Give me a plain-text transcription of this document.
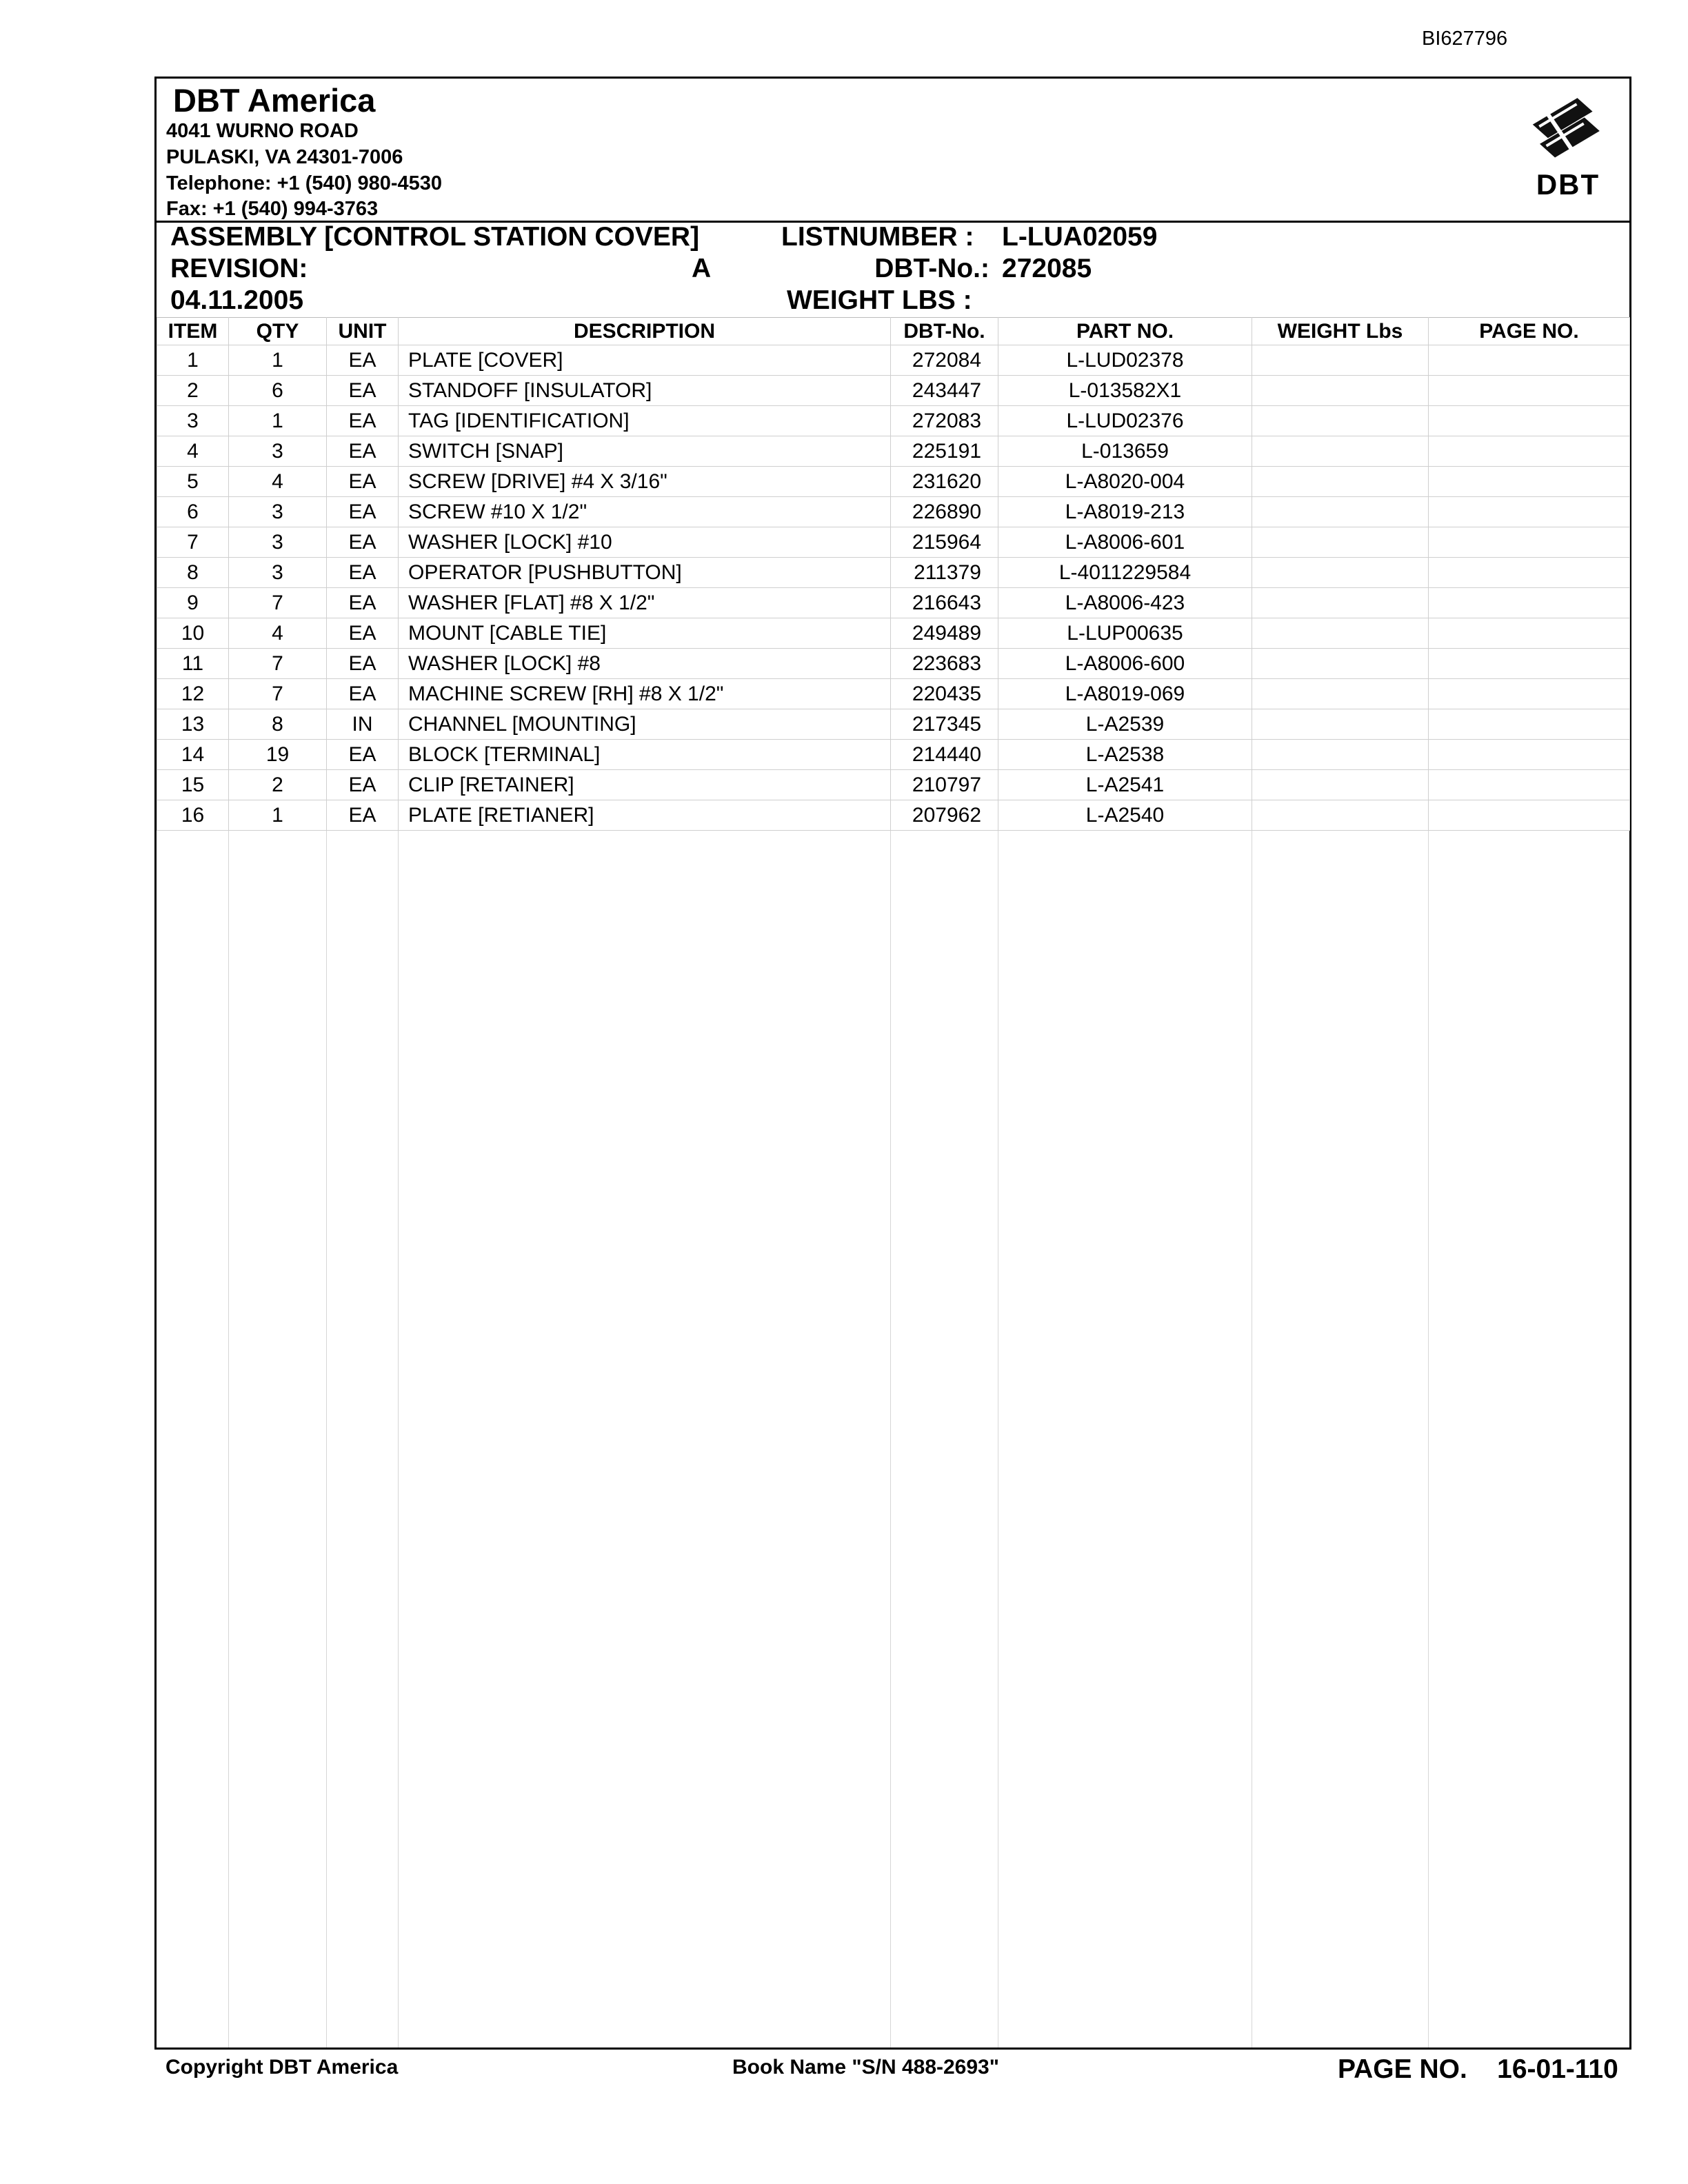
BI627796
DBT America
4041 WURNO ROAD
PULASKI, VA 24301-7006
Telephone: +1 (540) 980-4530
Fax: +1 (540) 994-3763
DBT
ASSEMBLY [CONTROL STATION COVER]
REVISION:	A
04.11.2005
LISTNUMBER : L-LUA02059
DBT-No.: 272085
WEIGHT LBS :
ITEM	QTY	UNIT	DESCRIPTION	DBT-No.	PART NO.	WEIGHT Lbs	PAGE NO.
1	1	EA	PLATE [COVER]	272084	L-LUD02378		
2	6	EA	STANDOFF [INSULATOR]	243447	L-013582X1		
3	1	EA	TAG [IDENTIFICATION]	272083	L-LUD02376		
4	3	EA	SWITCH [SNAP]	225191	L-013659		
5	4	EA	SCREW [DRIVE] #4 X 3/16"	231620	L-A8020-004		
6	3	EA	SCREW #10 X 1/2"	226890	L-A8019-213		
7	3	EA	WASHER [LOCK] #10	215964	L-A8006-601		
8	3	EA	OPERATOR [PUSHBUTTON]	211379	L-4011229584		
9	7	EA	WASHER [FLAT] #8 X 1/2"	216643	L-A8006-423		
10	4	EA	MOUNT [CABLE TIE]	249489	L-LUP00635		
11	7	EA	WASHER [LOCK] #8	223683	L-A8006-600		
12	7	EA	MACHINE SCREW [RH] #8 X 1/2"	220435	L-A8019-069		
13	8	IN	CHANNEL [MOUNTING]	217345	L-A2539		
14	19	EA	BLOCK [TERMINAL]	214440	L-A2538		
15	2	EA	CLIP [RETAINER]	210797	L-A2541		
16	1	EA	PLATE [RETIANER]	207962	L-A2540		
Copyright DBT America	Book Name "S/N 488-2693"	PAGE NO. 16-01-110
